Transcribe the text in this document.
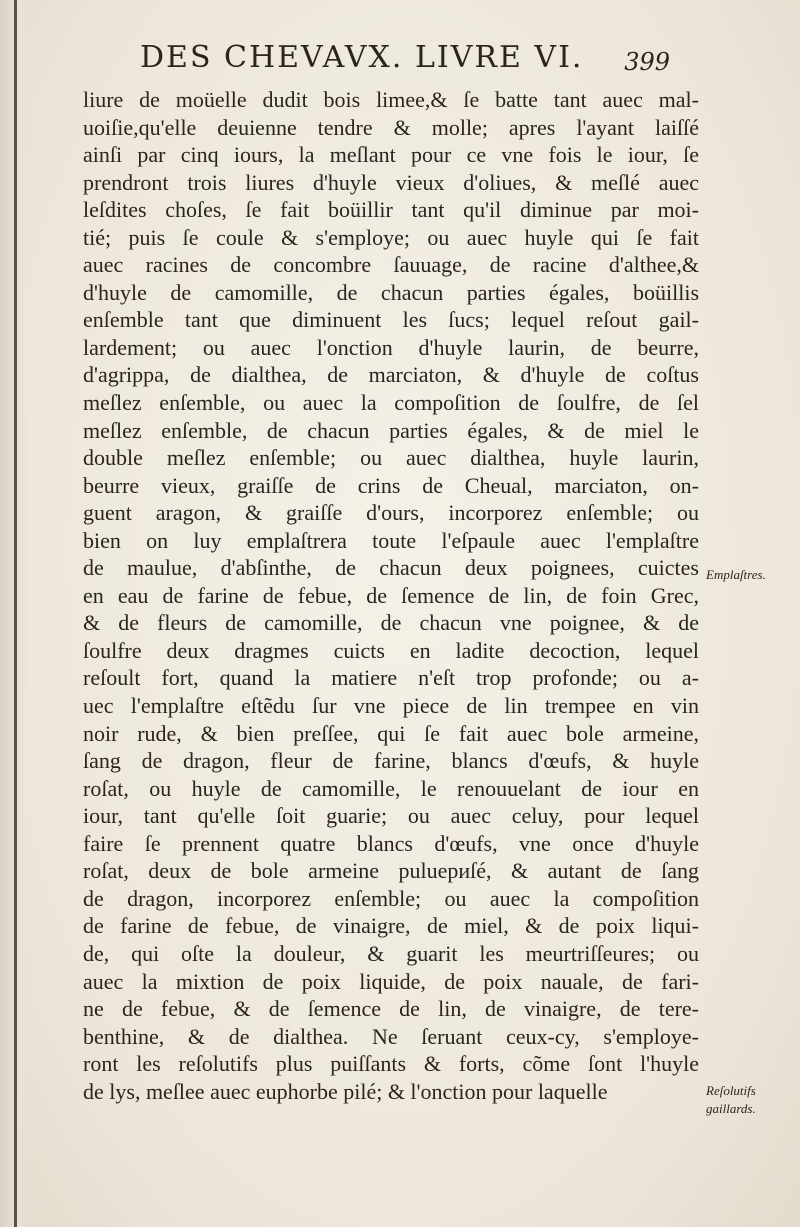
DES CHEVAVX. LIVRE VI. 399
liure de moüelle dudit bois limee,& ſe batte tant auec mal-
uoiſie,qu'elle deuienne tendre & molle; apres l'ayant laiſſé
ainſi par cinq iours, la meſlant pour ce vne fois le iour, ſe
prendront trois liures d'huyle vieux d'oliues, & meſlé auec
leſdites choſes, ſe fait boüillir tant qu'il diminue par moi-
tié; puis ſe coule & s'employe; ou auec huyle qui ſe fait
auec racines de concombre ſauuage, de racine d'althee,&
d'huyle de camomille, de chacun parties égales, boüillis
enſemble tant que diminuent les ſucs; lequel reſout gail-
lardement; ou auec l'onction d'huyle laurin, de beurre,
d'agrippa, de dialthea, de marciaton, & d'huyle de coſtus
meſlez enſemble, ou auec la compoſition de ſoulfre, de ſel
meſlez enſemble, de chacun parties égales, & de miel le
double meſlez enſemble; ou auec dialthea, huyle laurin,
beurre vieux, graiſſe de crins de Cheual, marciaton, on-
guent aragon, & graiſſe d'ours, incorporez enſemble; ou
bien on luy emplaſtrera toute l'eſpaule auec l'emplaſtre
de maulue, d'abſinthe, de chacun deux poignees, cuictes
en eau de farine de febue, de ſemence de lin, de foin Grec,
& de fleurs de camomille, de chacun vne poignee, & de
ſoulfre deux dragmes cuicts en ladite decoction, lequel
reſoult fort, quand la matiere n'eſt trop profonde; ou a-
uec l'emplaſtre eſtẽdu ſur vne piece de lin trempee en vin
noir rude, & bien preſſee, qui ſe fait auec bole armeine,
ſang de dragon, fleur de farine, blancs d'œufs, & huyle
roſat, ou huyle de camomille, le renouuelant de iour en
iour, tant qu'elle ſoit guarie; ou auec celuy, pour lequel
faire ſe prennent quatre blancs d'œufs, vne once d'huyle
roſat, deux de bole armeine puluериſé, & autant de ſang
de dragon, incorporez enſemble; ou auec la compoſition
de farine de febue, de vinaigre, de miel, & de poix liqui-
de, qui oſte la douleur, & guarit les meurtriſſeures; ou
auec la mixtion de poix liquide, de poix nauale, de fari-
ne de febue, & de ſemence de lin, de vinaigre, de tere-
benthine, & de dialthea. Ne ſeruant ceux-cy, s'employe-
ront les reſolutifs plus puiſſants & forts, cõme ſont l'huyle
de lys, meſlee auec euphorbe pilé; & l'onction pour laquelle
Emplaſtres.
Reſolutifs
gaillards.
